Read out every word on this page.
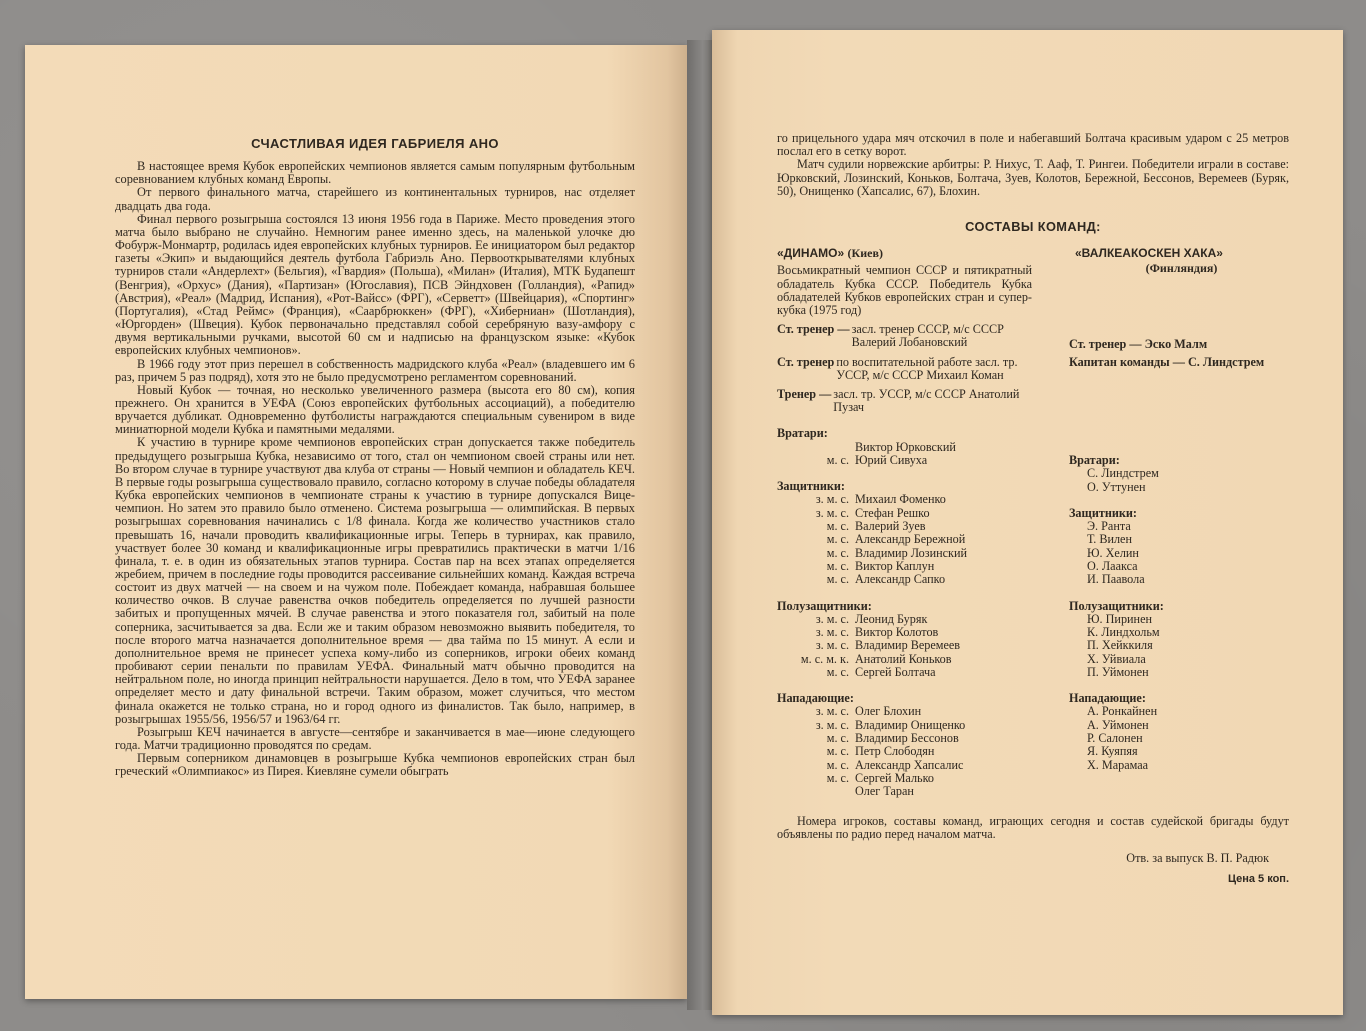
СЧАСТЛИВАЯ ИДЕЯ ГАБРИЕЛЯ АНО

В настоящее время Кубок европейских чемпионов является самым популярным футбольным соревнованием клубных команд Европы.

От первого финального матча, старейшего из континентальных турниров, нас отделяет двадцать два года.

Финал первого розыгрыша состоялся 13 июня 1956 года в Париже. Место проведения этого матча было выбрано не случайно. Немногим ранее именно здесь, на маленькой улочке дю Фобурж-Монмартр, родилась идея европейских клубных турниров. Ее инициатором был редактор газеты «Экип» и выдающийся деятель футбола Габриэль Ано. Первооткрывателями клубных турниров стали «Андерлехт» (Бельгия), «Гвардия» (Польша), «Милан» (Италия), МТК Будапешт (Венгрия), «Орхус» (Дания), «Партизан» (Югославия), ПСВ Эйндховен (Голландия), «Рапид» (Австрия), «Реал» (Мадрид, Испания), «Рот-Вайсс» (ФРГ), «Серветт» (Швейцария), «Спортинг» (Португалия), «Стад Реймс» (Франция), «Саарбрюккен» (ФРГ), «Хиберниан» (Шотландия), «Юргорден» (Швеция). Кубок первоначально представлял собой серебряную вазу-амфору с двумя вертикальными ручками, высотой 60 см и надписью на французском языке: «Кубок европейских клубных чемпионов».

В 1966 году этот приз перешел в собственность мадридского клуба «Реал» (владевшего им 6 раз, причем 5 раз подряд), хотя это не было предусмотрено регламентом соревнований.

Новый Кубок — точная, но несколько увеличенного размера (высота его 80 см), копия прежнего. Он хранится в УЕФА (Союз европейских футбольных ассоциаций), а победителю вручается дубликат. Одновременно футболисты награждаются специальным сувениром в виде миниатюрной модели Кубка и памятными медалями.

К участию в турнире кроме чемпионов европейских стран допускается также победитель предыдущего розыгрыша Кубка, независимо от того, стал он чемпионом своей страны или нет. Во втором случае в турнире участвуют два клуба от страны — Новый чемпион и обладатель КЕЧ. В первые годы розыгрыша существовало правило, согласно которому в случае победы обладателя Кубка европейских чемпионов в чемпионате страны к участию в турнире допускался Вице-чемпион. Но затем это правило было отменено. Система розыгрыша — олимпийская. В первых розыгрышах соревнования начинались с 1/8 финала. Когда же количество участников стало превышать 16, начали проводить квалификационные игры. Теперь в турнирах, как правило, участвует более 30 команд и квалификационные игры превратились практически в матчи 1/16 финала, т. е. в один из обязательных этапов турнира. Состав пар на всех этапах определяется жребием, причем в последние годы проводится рассеивание сильнейших команд. Каждая встреча состоит из двух матчей — на своем и на чужом поле. Побеждает команда, набравшая большее количество очков. В случае равенства очков победитель определяется по лучшей разности забитых и пропущенных мячей. В случае равенства и этого показателя гол, забитый на поле соперника, засчитывается за два. Если же и таким образом невозможно выявить победителя, то после второго матча назначается дополнительное время — два тайма по 15 минут. А если и дополнительное время не принесет успеха кому-либо из соперников, игроки обеих команд пробивают серии пенальти по правилам УЕФА. Финальный матч обычно проводится на нейтральном поле, но иногда принцип нейтральности нарушается. Дело в том, что УЕФА заранее определяет место и дату финальной встречи. Таким образом, может случиться, что местом финала окажется не только страна, но и город одного из финалистов. Так было, например, в розыгрышах 1955/56, 1956/57 и 1963/64 гг.

Розыгрыш КЕЧ начинается в августе—сентябре и заканчивается в мае—июне следующего года. Матчи традиционно проводятся по средам.

Первым соперником динамовцев в розыгрыше Кубка чемпионов европейских стран был греческий «Олимпиакос» из Пирея. Киевляне сумели обыграть

го прицельного удара мяч отскочил в поле и набегавший Болтача красивым ударом с 25 метров послал его в сетку ворот.

Матч судили норвежские арбитры: Р. Нихус, Т. Ааф, Т. Рингеи. Победители играли в составе: Юрковский, Лозинский, Коньков, Болтача, Зуев, Колотов, Бережной, Бессонов, Веремеев (Буряк, 50), Онищенко (Хапсалис, 67), Блохин.

СОСТАВЫ КОМАНД:
«ДИНАМО» (Киев)
Восьмикратный чемпион СССР и пятикратный обладатель Кубка СССР. Победитель Кубка обладателей Кубков европейских стран и супер-кубка (1975 год)
Ст. тренер — засл. тренер СССР, м/с СССР Валерий Лобановский
Ст. тренер по воспитательной работе засл. тр. УССР, м/с СССР Михаил Коман
Тренер — засл. тр. УССР, м/с СССР Анатолий Пузач
Вратари:
Виктор Юрковский
м. с. Юрий Сивуха
Защитники:
з. м. с. Михаил Фоменко
з. м. с. Стефан Решко
м. с. Валерий Зуев
м. с. Александр Бережной
м. с. Владимир Лозинский
м. с. Виктор Каплун
м. с. Александр Сапко
Полузащитники:
з. м. с. Леонид Буряк
з. м. с. Виктор Колотов
з. м. с. Владимир Веремеев
м. с. м. к. Анатолий Коньков
м. с. Сергей Болтача
Нападающие:
з. м. с. Олег Блохин
з. м. с. Владимир Онищенко
м. с. Владимир Бессонов
м. с. Петр Слободян
м. с. Александр Хапсалис
м. с. Сергей Малько
Олег Таран
«ВАЛКЕАКОСКЕН ХАКА»
(Финляндия)
Ст. тренер — Эско Малм
Капитан команды — С. Линдстрем
Вратари:
С. Линдстрем
О. Уттунен
Защитники:
Э. Ранта
Т. Вилен
Ю. Хелин
О. Лаакса
И. Паавола
Полузащитники:
Ю. Пиринен
К. Линдхольм
П. Хейккиля
Х. Уйвиала
П. Уймонен
Нападающие:
А. Ронкайнен
А. Уймонен
Р. Салонен
Я. Куяпяя
Х. Марамаа
Номера игроков, составы команд, играющих сегодня и состав судейской бригады будут объявлены по радио перед началом матча.
Отв. за выпуск В. П. Радюк
Цена 5 коп.
